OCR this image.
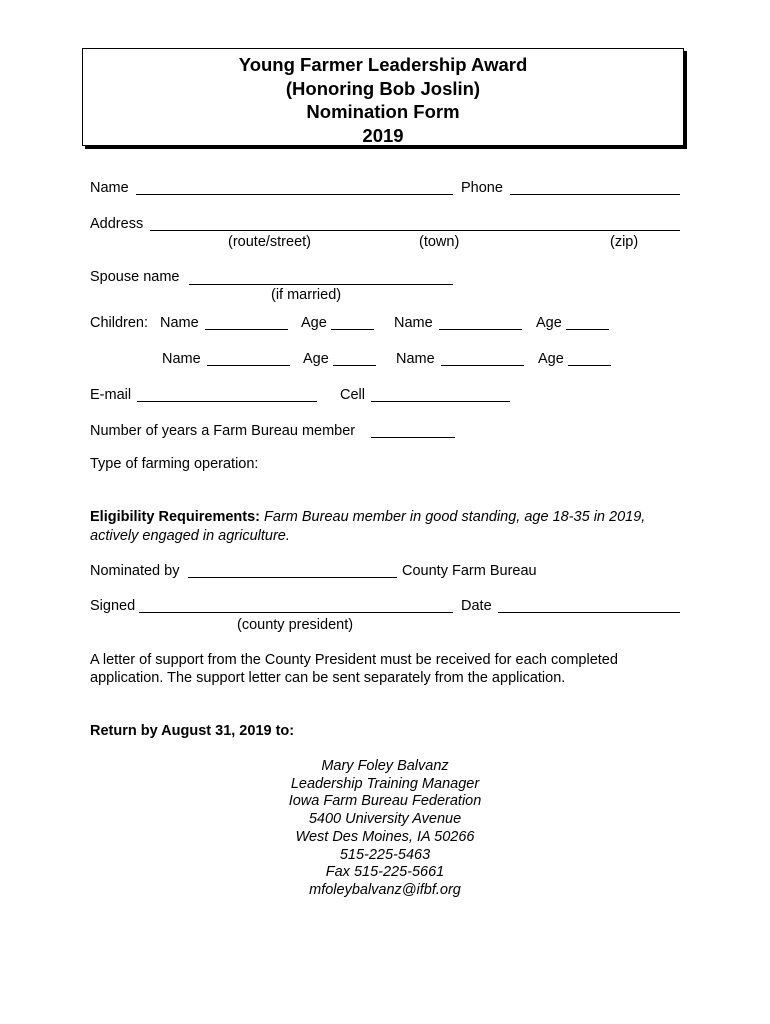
Young Farmer Leadership Award
(Honoring Bob Joslin)
Nomination Form
2019
Name	Phone
Address
(route/street)	(town)	(zip)
Spouse name
(if married)
Children: Name	Age	Name	Age
Name	Age	Name	Age
E-mail	Cell
Number of years a Farm Bureau member
Type of farming operation:
Eligibility Requirements: Farm Bureau member in good standing, age 18-35 in 2019,
actively engaged in agriculture.
Nominated by	County Farm Bureau
Signed	Date
(county president)
A letter of support from the County President must be received for each completed
application. The support letter can be sent separately from the application.
Return by August 31, 2019 to:
Mary Foley Balvanz
Leadership Training Manager
Iowa Farm Bureau Federation
5400 University Avenue
West Des Moines, IA 50266
515-225-5463
Fax 515-225-5661
mfoleybalvanz@ifbf.org
